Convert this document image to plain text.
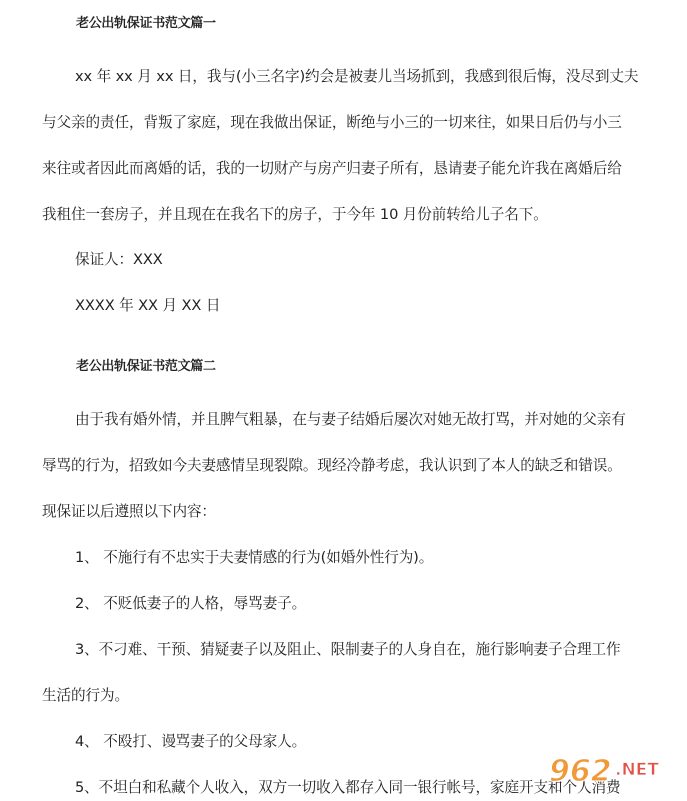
老公出轨保证书范文篇一
xx 年 xx 月 xx 日，我与(小三名字)约会是被妻儿当场抓到，我感到很后悔，没尽到丈夫
与父亲的责任，背叛了家庭，现在我做出保证，断绝与小三的一切来往，如果日后仍与小三
来往或者因此而离婚的话，我的一切财产与房产归妻子所有，恳请妻子能允许我在离婚后给
我租住一套房子，并且现在在我名下的房子，于今年 10 月份前转给儿子名下。
保证人：XXX
XXXX 年 XX 月 XX 日
老公出轨保证书范文篇二
由于我有婚外情，并且脾气粗暴，在与妻子结婚后屡次对她无故打骂，并对她的父亲有
辱骂的行为，招致如今夫妻感情呈现裂隙。现经冷静考虑，我认识到了本人的缺乏和错误。
现保证以后遵照以下内容：
1、 不施行有不忠实于夫妻情感的行为(如婚外性行为)。
2、 不贬低妻子的人格，辱骂妻子。
3、不刁难、干预、猜疑妻子以及阻止、限制妻子的人身自在，施行影响妻子合理工作
生活的行为。
4、 不殴打、谩骂妻子的父母家人。
5、不坦白和私藏个人收入，双方一切收入都存入同一银行帐号，家庭开支和个人消费
962 .NET
乐游网
